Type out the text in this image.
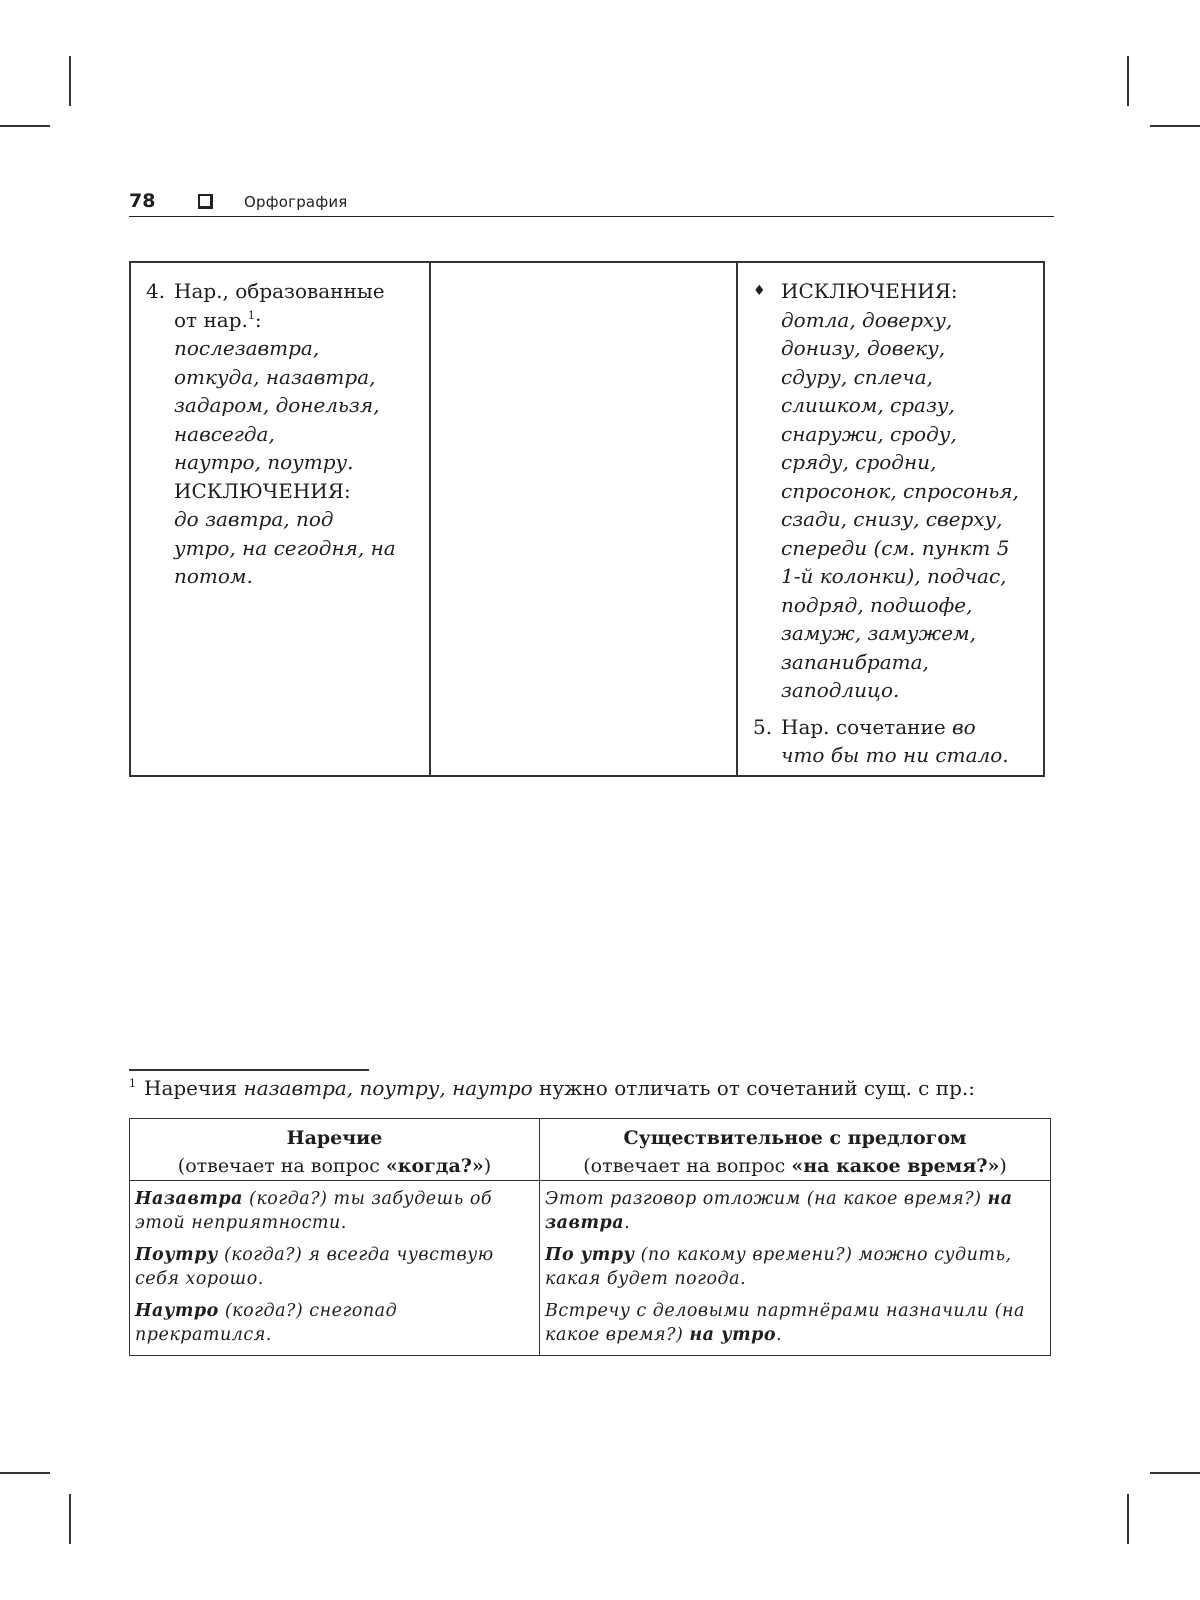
78	Орфография
4. Нар., образованные
от нар.$^1$:
послезавтра,
откуда, назавтра,
задаром, донельзя,
навсегда,
наутро, поутру.
ИСКЛЮЧЕНИЯ:
до завтра, под
утро, на сегодня, на
потом.
♦ ИСКЛЮЧЕНИЯ:
дотла, доверху,
донизу, довеку,
сдуру, сплеча,
слишком, сразу,
снаружи, сроду,
сряду, сродни,
спросонок, спросонья,
сзади, снизу, сверху,
спереди (см. пункт 5
1-й колонки), подчас,
подряд, подшофе,
замуж, замужем,
запанибрата,
заподлицо.
5. Нар. сочетание во
что бы то ни стало.
$^1$ Наречия назавтра, поутру, наутро нужно отличать от сочетаний сущ. с пр.:
Наречие
(отвечает на вопрос «когда?»)
Назавтра (когда?) ты забудешь об этой неприятности.
Поутру (когда?) я всегда чувствую себя хорошо.
Наутро (когда?) снегопад прекратился.
Существительное с предлогом
(отвечает на вопрос «на какое время?»)
Этот разговор отложим (на какое время?) на завтра.
По утру (по какому времени?) можно судить, какая будет погода.
Встречу с деловыми партнёрами назначили (на какое время?) на утро.
